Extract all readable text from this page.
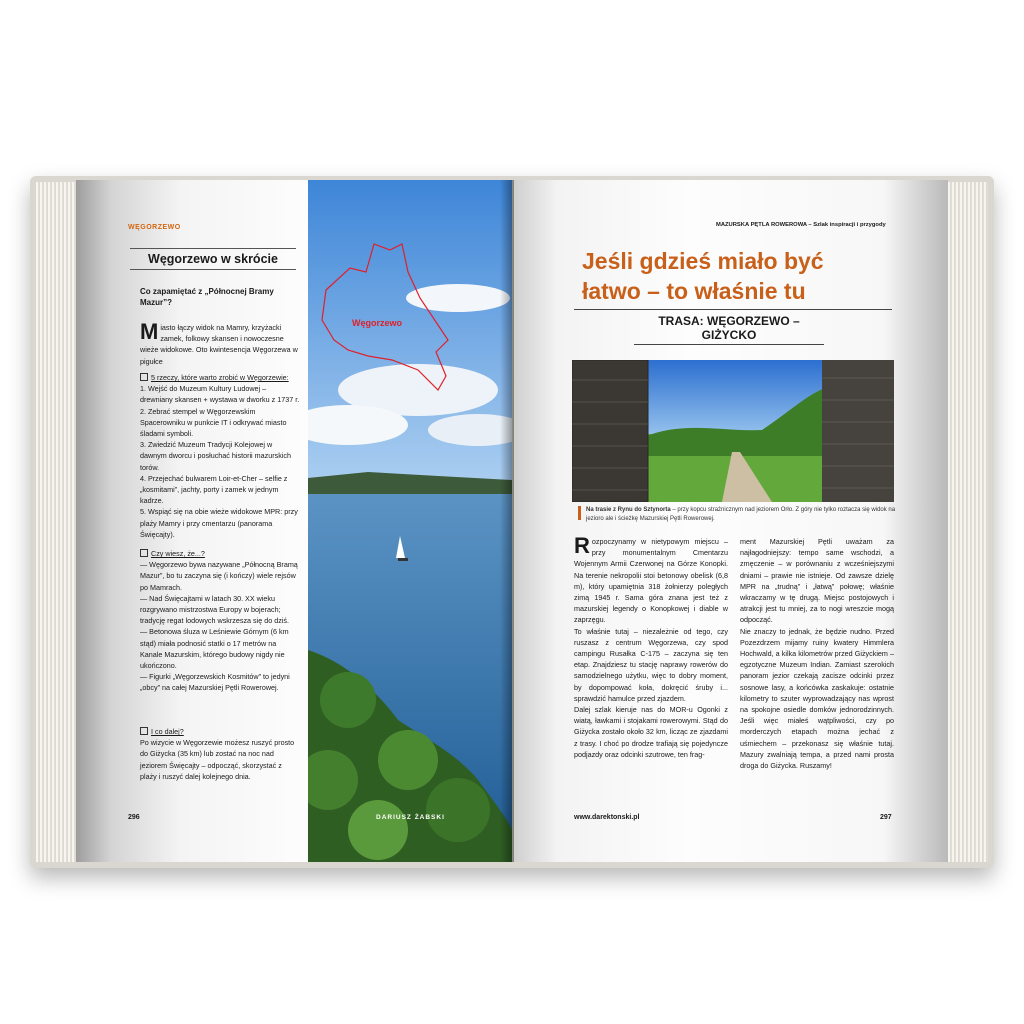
WĘGORZEWO
Węgorzewo w skrócie
Co zapamiętać z „Północnej Bramy Mazur”?
Miasto łączy widok na Mamry, krzyżacki zamek, folkowy skansen i nowoczesne wieże widokowe. Oto kwintesencja Węgorzewa w pigułce
5 rzeczy, które warto zrobić w Węgorzewie:
1. Wejść do Muzeum Kultury Ludowej – drewniany skansen + wystawa w dworku z 1737 r.
2. Zebrać stempel w Węgorzewskim Spacerowniku w punkcie IT i odkrywać miasto śladami symboli.
3. Zwiedzić Muzeum Tradycji Kolejowej w dawnym dworcu i posłuchać historii mazurskich torów.
4. Przejechać bulwarem Loir-et-Cher – selfie z „kosmitami”, jachty, porty i zamek w jednym kadrze.
5. Wspiąć się na obie wieże widokowe MPR: przy plaży Mamry i przy cmentarzu (panorama Święcajty).
Czy wiesz, że...?
— Węgorzewo bywa nazywane „Północną Bramą Mazur”, bo tu zaczyna się (i kończy) wiele rejsów po Mamrach.
— Nad Święcajtami w latach 30. XX wieku rozgrywano mistrzostwa Europy w bojerach; tradycję regat lodowych wskrzesza się do dziś.
— Betonowa śluza w Leśniewie Górnym (6 km stąd) miała podnosić statki o 17 metrów na Kanale Mazurskim, którego budowy nigdy nie ukończono.
— Figurki „Węgorzewskich Kosmitów” to jedyni „obcy” na całej Mazurskiej Pętli Rowerowej.
I co dalej?
Po wizycie w Węgorzewie możesz ruszyć prosto do Giżycka (35 km) lub zostać na noc nad jeziorem Święcajty – odpocząć, skorzystać z plaży i ruszyć dalej kolejnego dnia.
296
Węgorzewo
DARIUSZ ŻABSKI
MAZURSKA PĘTLA ROWEROWA – Szlak inspiracji i przygody
Jeśli gdzieś miało być
łatwo – to właśnie tu
TRASA: WĘGORZEWO – GIŻYCKO
Na trasie z Rynu do Sztynorta – przy kopcu strażnicznym nad jeziorem Orło. Z góry nie tylko roztacza się widok na jezioro ale i ścieżkę Mazurskiej Pętli Rowerowej.

Rozpoczynamy w nietypowym miejscu – przy monumentalnym Cmentarzu Wojennym Armii Czerwonej na Górze Konopki. Na terenie nekropolii stoi betonowy obelisk (6,8 m), który upamiętnia 318 żołnierzy poległych zimą 1945 r. Sama góra znana jest też z mazurskiej legendy o Konopkowej i diable w zaprzęgu.

To właśnie tutaj – niezależnie od tego, czy ruszasz z centrum Węgorzewa, czy spod campingu Rusałka C-175 – zaczyna się ten etap. Znajdziesz tu stację naprawy rowerów do samodzielnego użytku, więc to dobry moment, by dopompować koła, dokręcić śruby i... sprawdzić hamulce przed zjazdem.

Dalej szlak kieruje nas do MOR-u Ogonki z wiatą, ławkami i stojakami rowerowymi. Stąd do Giżycka zostało około 32 km, licząc ze zjazdami z trasy. I choć po drodze trafiają się pojedyncze podjazdy oraz odcinki szutrowe, ten frag-

ment Mazurskiej Pętli uważam za najłagodniejszy: tempo same wschodzi, a zmęczenie – w porównaniu z wcześniejszymi dniami – prawie nie istnieje. Od zawsze dzielę MPR na „trudną” i „łatwą” połowę; właśnie wkraczamy w tę drugą. Miejsc postojowych i atrakcji jest tu mniej, za to nogi wreszcie mogą odpocząć.

Nie znaczy to jednak, że będzie nudno. Przed Pozezdrzem mijamy ruiny kwatery Himmlera Hochwald, a kilka kilometrów przed Giżyckiem – egzotyczne Muzeum Indian. Zamiast szerokich panoram jezior czekają zacisze odcinki przez sosnowe lasy, a końcówka zaskakuje: ostatnie kilometry to szuter wyprowadzający nas wprost na spokojne osiedle domków jednorodzinnych. Jeśli więc miałeś wątpliwości, czy po morderczych etapach można jechać z uśmiechem – przekonasz się właśnie tutaj. Mazury zwalniają tempa, a przed nami prosta droga do Giżycka. Ruszamy!

www.darektonski.pl	297
